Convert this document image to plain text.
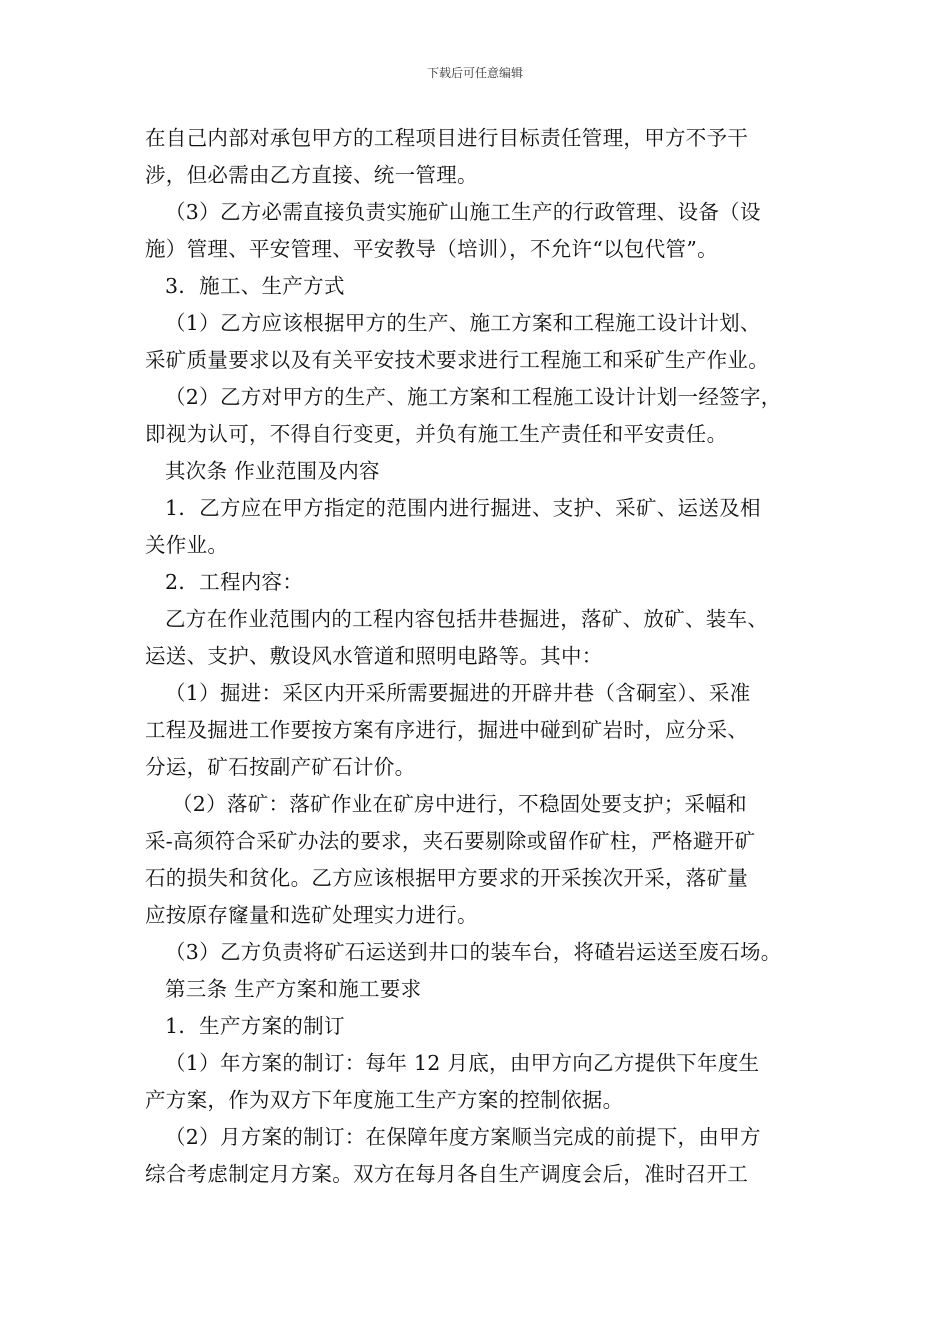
下载后可任意编辑
在自己内部对承包甲方的工程项目进行目标责任管理，甲方不予干
涉，但必需由乙方直接、统一管理。
（3）乙方必需直接负责实施矿山施工生产的行政管理、设备（设
施）管理、平安管理、平安教导（培训），不允许“以包代管”。
3．施工、生产方式
（1）乙方应该根据甲方的生产、施工方案和工程施工设计计划、
采矿质量要求以及有关平安技术要求进行工程施工和采矿生产作业。
（2）乙方对甲方的生产、施工方案和工程施工设计计划一经签字，
即视为认可，不得自行变更，并负有施工生产责任和平安责任。
其次条 作业范围及内容
1．乙方应在甲方指定的范围内进行掘进、支护、采矿、运送及相
关作业。
2．工程内容：
乙方在作业范围内的工程内容包括井巷掘进，落矿、放矿、装车、
运送、支护、敷设风水管道和照明电路等。其中：
（1）掘进：采区内开采所需要掘进的开辟井巷（含硐室）、采准
工程及掘进工作要按方案有序进行，掘进中碰到矿岩时，应分采、
分运，矿石按副产矿石计价。
（2）落矿：落矿作业在矿房中进行，不稳固处要支护；采幅和
采-高须符合采矿办法的要求，夹石要剔除或留作矿柱，严格避开矿
石的损失和贫化。乙方应该根据甲方要求的开采挨次开采，落矿量
应按原存窿量和选矿处理实力进行。
（3）乙方负责将矿石运送到井口的装车台，将碴岩运送至废石场。
第三条 生产方案和施工要求
1．生产方案的制订
（1）年方案的制订：每年 12 月底，由甲方向乙方提供下年度生
产方案，作为双方下年度施工生产方案的控制依据。
（2）月方案的制订：在保障年度方案顺当完成的前提下，由甲方
综合考虑制定月方案。双方在每月各自生产调度会后，准时召开工
